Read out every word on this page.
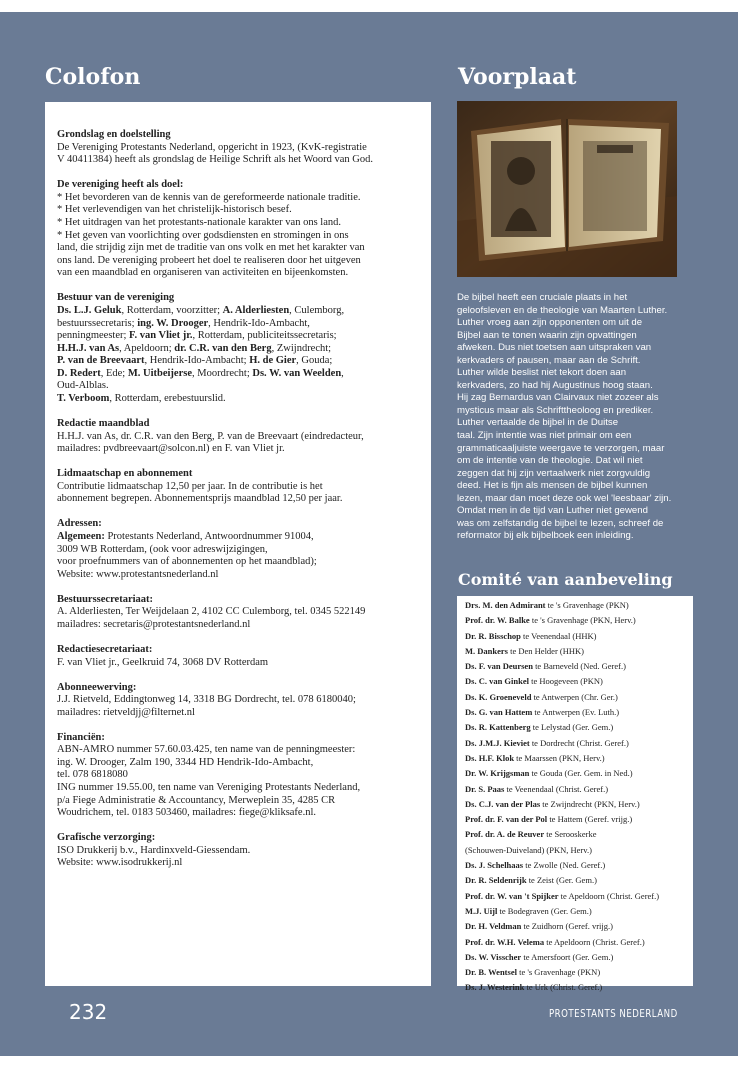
Colofon	Voorplaat
Grondslag en doelstelling
De Vereniging Protestants Nederland, opgericht in 1923, (KvK-registratie
V 40411384) heeft als grondslag de Heilige Schrift als het Woord van God.
De vereniging heeft als doel:
* Het bevorderen van de kennis van de gereformeerde nationale traditie.
* Het verlevendigen van het christelijk-historisch besef.
* Het uitdragen van het protestants-nationale karakter van ons land.
* Het geven van voorlichting over godsdiensten en stromingen in ons
land, die strijdig zijn met de traditie van ons volk en met het karakter van
ons land. De vereniging probeert het doel te realiseren door het uitgeven
van een maandblad en organiseren van activiteiten en bijeenkomsten.
Bestuur van de vereniging
Ds. L.J. Geluk, Rotterdam, voorzitter; A. Alderliesten, Culemborg,
bestuurssecretaris; ing. W. Drooger, Hendrik-Ido-Ambacht,
penningmeester; F. van Vliet jr., Rotterdam, publiciteitssecretaris;
H.H.J. van As, Apeldoorn; dr. C.R. van den Berg, Zwijndrecht;
P. van de Breevaart, Hendrik-Ido-Ambacht; H. de Gier, Gouda;
D. Redert, Ede; M. Uitbeijerse, Moordrecht; Ds. W. van Weelden,
Oud-Alblas.
T. Verboom, Rotterdam, erebestuurslid.
Redactie maandblad
H.H.J. van As, dr. C.R. van den Berg, P. van de Breevaart (eindredacteur,
mailadres: pvdbreevaart@solcon.nl) en F. van Vliet jr.
Lidmaatschap en abonnement
Contributie lidmaatschap 12,50 per jaar. In de contributie is het
abonnement begrepen. Abonnementsprijs maandblad 12,50 per jaar.
Adressen:
Algemeen: Protestants Nederland, Antwoordnummer 91004,
3009 WB Rotterdam, (ook voor adreswijzigingen,
voor proefnummers van of abonnementen op het maandblad);
Website: www.protestantsnederland.nl
Bestuurssecretariaat:
A. Alderliesten, Ter Weijdelaan 2, 4102 CC Culemborg, tel. 0345 522149
mailadres: secretaris@protestantsnederland.nl
Redactiesecretariaat:
F. van Vliet jr., Geelkruid 74, 3068 DV Rotterdam
Abonneewerving:
J.J. Rietveld, Eddingtonweg 14, 3318 BG Dordrecht, tel. 078 6180040;
mailadres: rietveldjj@filternet.nl
Financiën:
ABN-AMRO nummer 57.60.03.425, ten name van de penningmeester:
ing. W. Drooger, Zalm 190, 3344 HD Hendrik-Ido-Ambacht,
tel. 078 6818080
ING nummer 19.55.00, ten name van Vereniging Protestants Nederland,
p/a Fiege Administratie & Accountancy, Merweplein 35, 4285 CR
Woudrichem, tel. 0183 503460, mailadres: fiege@kliksafe.nl.
Grafische verzorging:
ISO Drukkerij b.v., Hardinxveld-Giessendam.
Website: www.isodrukkerij.nl
De bijbel heeft een cruciale plaats in het
geloofsleven en de theologie van Maarten Luther.
Luther vroeg aan zijn opponenten om uit de
Bijbel aan te tonen waarin zijn opvattingen
afweken. Dus niet toetsen aan uitspraken van
kerkvaders of pausen, maar aan de Schrift.
Luther wilde beslist niet tekort doen aan
kerkvaders, zo had hij Augustinus hoog staan.
Hij zag Bernardus van Clairvaux niet zozeer als
mysticus maar als Schrifttheoloog en prediker.
Luther vertaalde de bijbel in de Duitse
taal. Zijn intentie was niet primair om een
grammaticaaljuiste weergave te verzorgen, maar
om de intentie van de theologie. Dat wil niet
zeggen dat hij zijn vertaalwerk niet zorgvuldig
deed. Het is fijn als mensen de bijbel kunnen
lezen, maar dan moet deze ook wel 'leesbaar' zijn.
Omdat men in de tijd van Luther niet gewend
was om zelfstandig de bijbel te lezen, schreef de
reformator bij elk bijbelboek een inleiding.
Comité van aanbeveling
Drs. M. den Admirant te 's Gravenhage (PKN)
Prof. dr. W. Balke te 's Gravenhage (PKN, Herv.)
Dr. R. Bisschop te Veenendaal (HHK)
M. Dankers te Den Helder (HHK)
Ds. F. van Deursen te Barneveld (Ned. Geref.)
Ds. C. van Ginkel te Hoogeveen (PKN)
Ds. K. Groeneveld te Antwerpen (Chr. Ger.)
Ds. G. van Hattem te Antwerpen (Ev. Luth.)
Ds. R. Kattenberg te Lelystad (Ger. Gem.)
Ds. J.M.J. Kieviet te Dordrecht (Christ. Geref.)
Ds. H.F. Klok te Maarssen (PKN, Herv.)
Dr. W. Krijgsman te Gouda (Ger. Gem. in Ned.)
Dr. S. Paas te Veenendaal (Christ. Geref.)
Ds. C.J. van der Plas te Zwijndrecht (PKN, Herv.)
Prof. dr. F. van der Pol te Hattem (Geref. vrijg.)
Prof. dr. A. de Reuver te Serooskerke
(Schouwen-Duiveland) (PKN, Herv.)
Ds. J. Schelhaas te Zwolle (Ned. Geref.)
Dr. R. Seldenrijk te Zeist (Ger. Gem.)
Prof. dr. W. van 't Spijker te Apeldoorn (Christ. Geref.)
M.J. Uijl te Bodegraven (Ger. Gem.)
Dr. H. Veldman te Zuidhorn (Geref. vrijg.)
Prof. dr. W.H. Velema te Apeldoorn (Christ. Geref.)
Ds. W. Visscher te Amersfoort (Ger. Gem.)
Dr. B. Wentsel te 's Gravenhage (PKN)
Ds. J. Westerink te Urk (Christ. Geref.)
232	PROTESTANTS NEDERLAND
